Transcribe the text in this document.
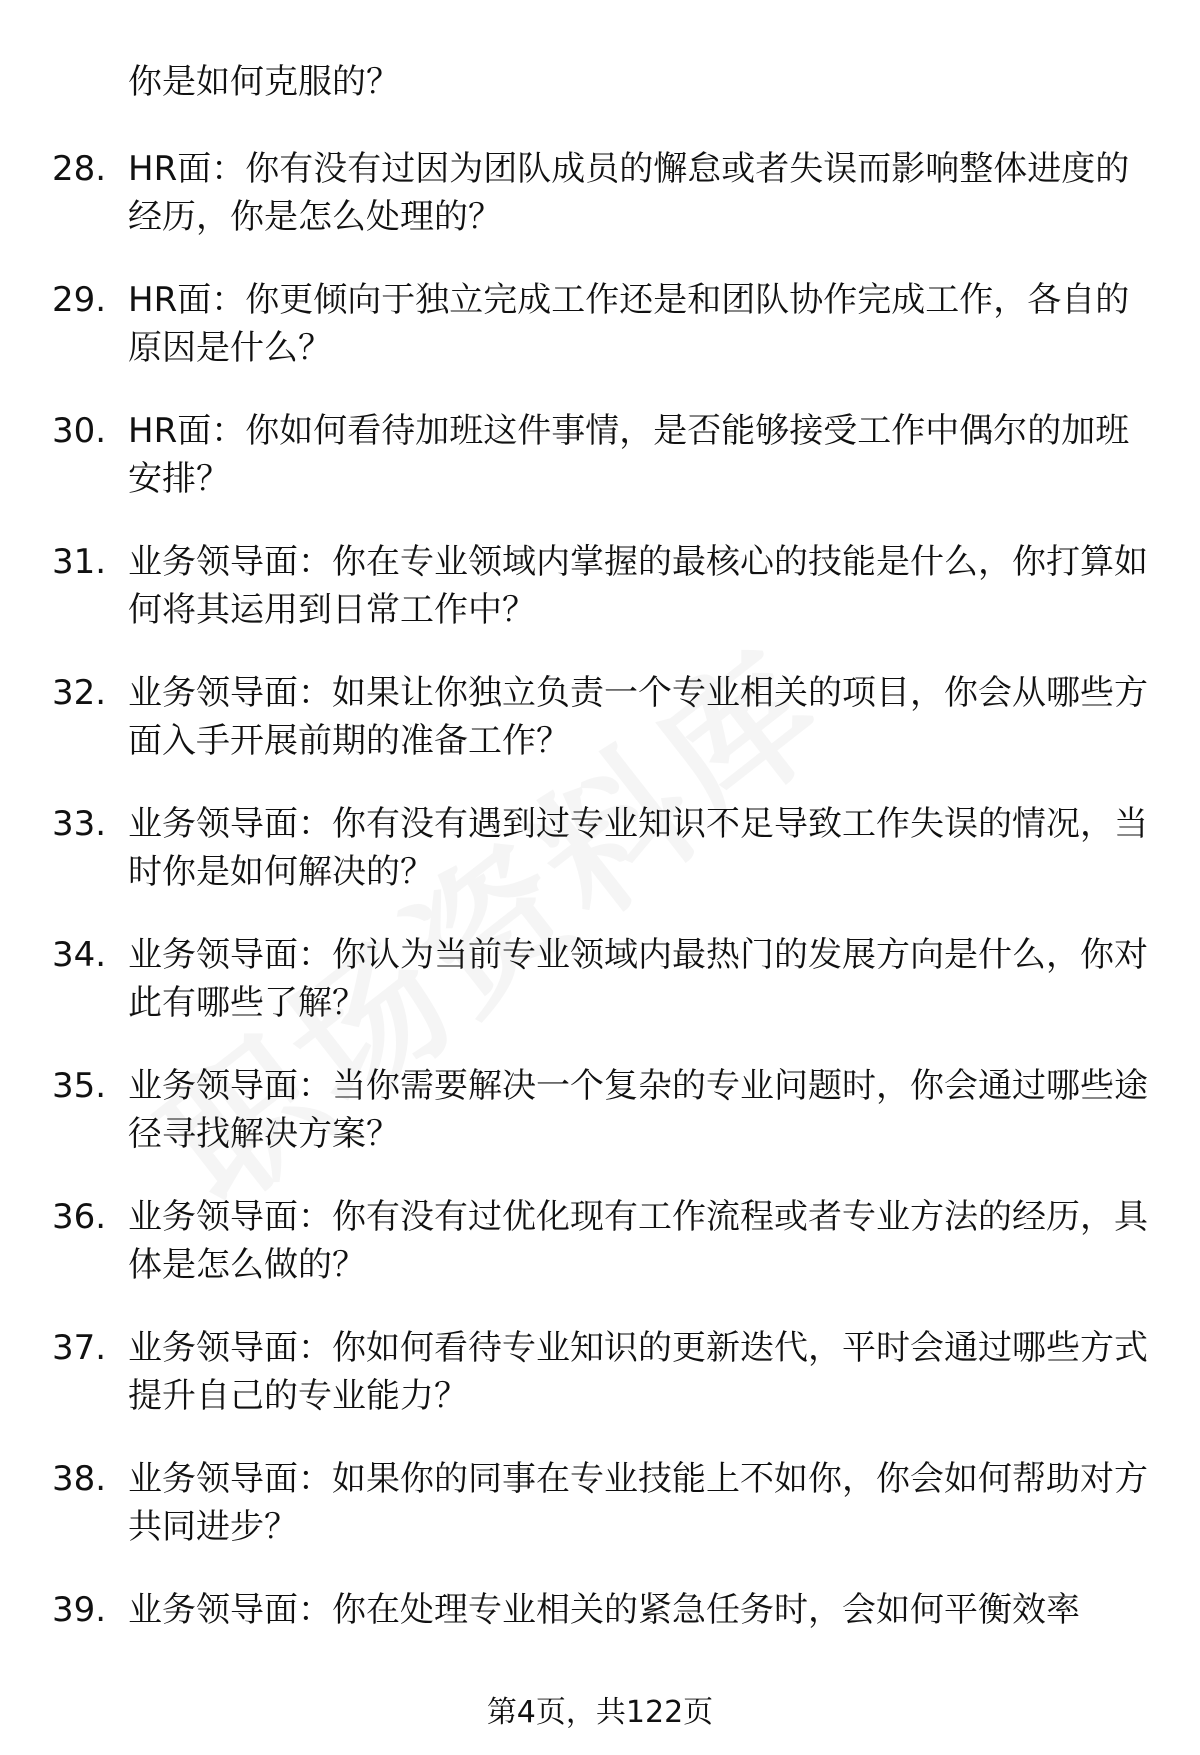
你是如何克服的？
28. HR面：你有没有过因为团队成员的懈怠或者失误而影响整体进度的经历，你是怎么处理的？
29. HR面：你更倾向于独立完成工作还是和团队协作完成工作，各自的原因是什么？
30. HR面：你如何看待加班这件事情，是否能够接受工作中偶尔的加班安排？
31. 业务领导面：你在专业领域内掌握的最核心的技能是什么，你打算如何将其运用到日常工作中？
32. 业务领导面：如果让你独立负责一个专业相关的项目，你会从哪些方面入手开展前期的准备工作？
33. 业务领导面：你有没有遇到过专业知识不足导致工作失误的情况，当时你是如何解决的？
34. 业务领导面：你认为当前专业领域内最热门的发展方向是什么，你对此有哪些了解？
35. 业务领导面：当你需要解决一个复杂的专业问题时，你会通过哪些途径寻找解决方案？
36. 业务领导面：你有没有过优化现有工作流程或者专业方法的经历，具体是怎么做的？
37. 业务领导面：你如何看待专业知识的更新迭代，平时会通过哪些方式提升自己的专业能力？
38. 业务领导面：如果你的同事在专业技能上不如你，你会如何帮助对方共同进步？
39. 业务领导面：你在处理专业相关的紧急任务时，会如何平衡效率
第4页，共122页
